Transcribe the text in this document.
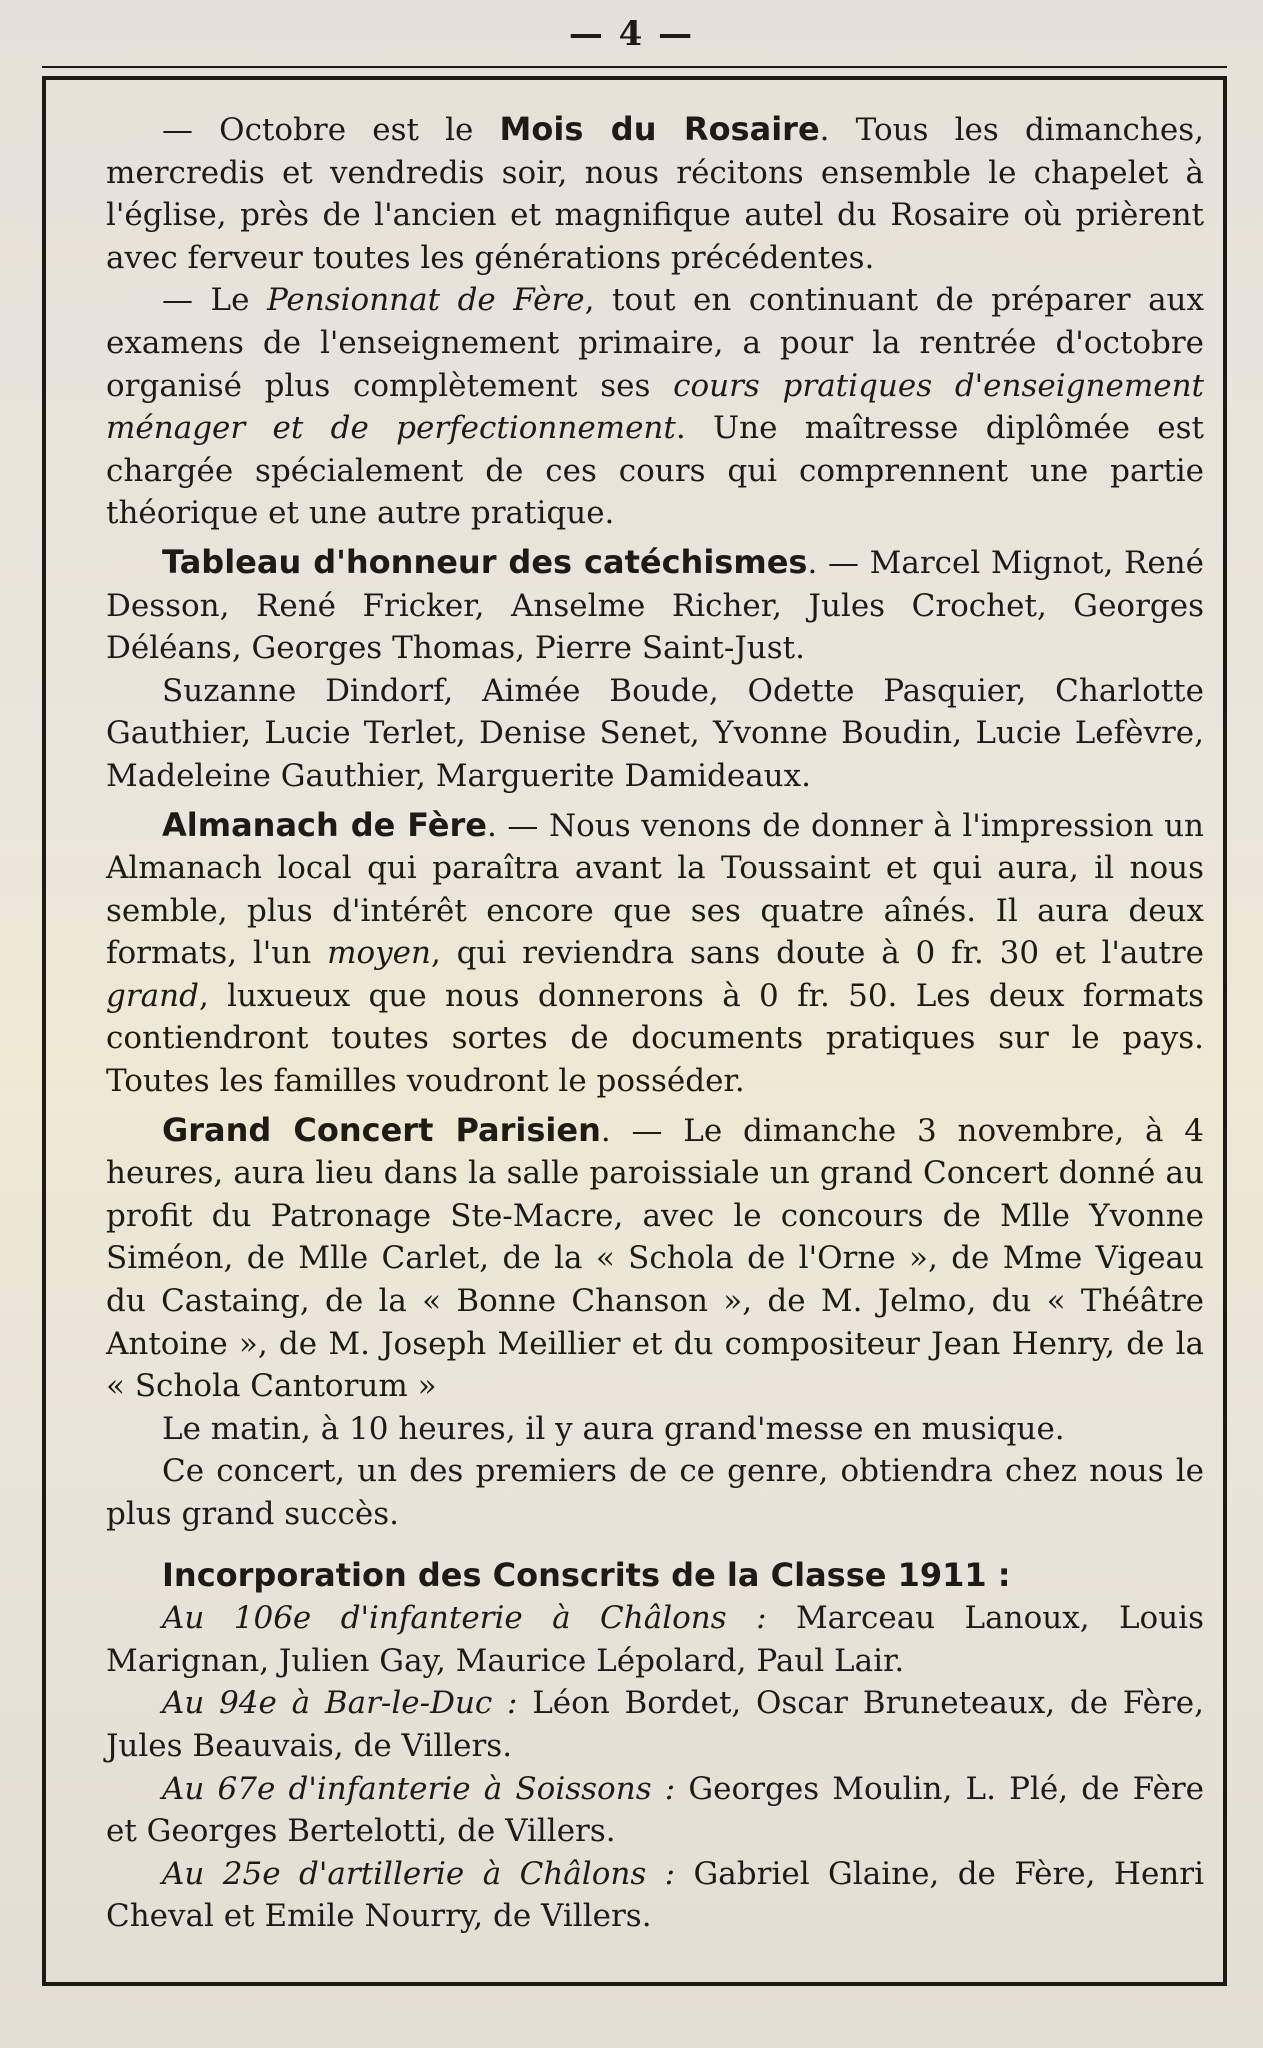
— 4 —

— Octobre est le Mois du Rosaire. Tous les dimanches, mercredis et vendredis soir, nous récitons ensemble le chapelet à l'église, près de l'ancien et magnifique autel du Rosaire où prièrent avec ferveur toutes les générations précédentes.

— Le Pensionnat de Fère, tout en continuant de préparer aux examens de l'enseignement primaire, a pour la rentrée d'octobre organisé plus complètement ses cours pratiques d'enseignement ménager et de perfectionnement. Une maîtresse diplômée est chargée spécialement de ces cours qui comprennent une partie théorique et une autre pratique.

Tableau d'honneur des catéchismes. — Marcel Mignot, René Desson, René Fricker, Anselme Richer, Jules Crochet, Georges Déléans, Georges Thomas, Pierre Saint-Just.

Suzanne Dindorf, Aimée Boude, Odette Pasquier, Charlotte Gauthier, Lucie Terlet, Denise Senet, Yvonne Boudin, Lucie Lefèvre, Madeleine Gauthier, Marguerite Damideaux.

Almanach de Fère. — Nous venons de donner à l'impression un Almanach local qui paraîtra avant la Toussaint et qui aura, il nous semble, plus d'intérêt encore que ses quatre aînés. Il aura deux formats, l'un moyen, qui reviendra sans doute à 0 fr. 30 et l'autre grand, luxueux que nous donnerons à 0 fr. 50. Les deux formats contiendront toutes sortes de documents pratiques sur le pays. Toutes les familles voudront le posséder.

Grand Concert Parisien. — Le dimanche 3 novembre, à 4 heures, aura lieu dans la salle paroissiale un grand Concert donné au profit du Patronage Ste-Macre, avec le concours de Mlle Yvonne Siméon, de Mlle Carlet, de la « Schola de l'Orne », de Mme Vigeau du Castaing, de la « Bonne Chanson », de M. Jelmo, du « Théâtre Antoine », de M. Joseph Meillier et du compositeur Jean Henry, de la « Schola Cantorum »

Le matin, à 10 heures, il y aura grand'messe en musique.

Ce concert, un des premiers de ce genre, obtiendra chez nous le plus grand succès.

Incorporation des Conscrits de la Classe 1911 :

Au 106e d'infanterie à Châlons : Marceau Lanoux, Louis Marignan, Julien Gay, Maurice Lépolard, Paul Lair.

Au 94e à Bar-le-Duc : Léon Bordet, Oscar Bruneteaux, de Fère, Jules Beauvais, de Villers.

Au 67e d'infanterie à Soissons : Georges Moulin, L. Plé, de Fère et Georges Bertelotti, de Villers.

Au 25e d'artillerie à Châlons : Gabriel Glaine, de Fère, Henri Cheval et Emile Nourry, de Villers.
